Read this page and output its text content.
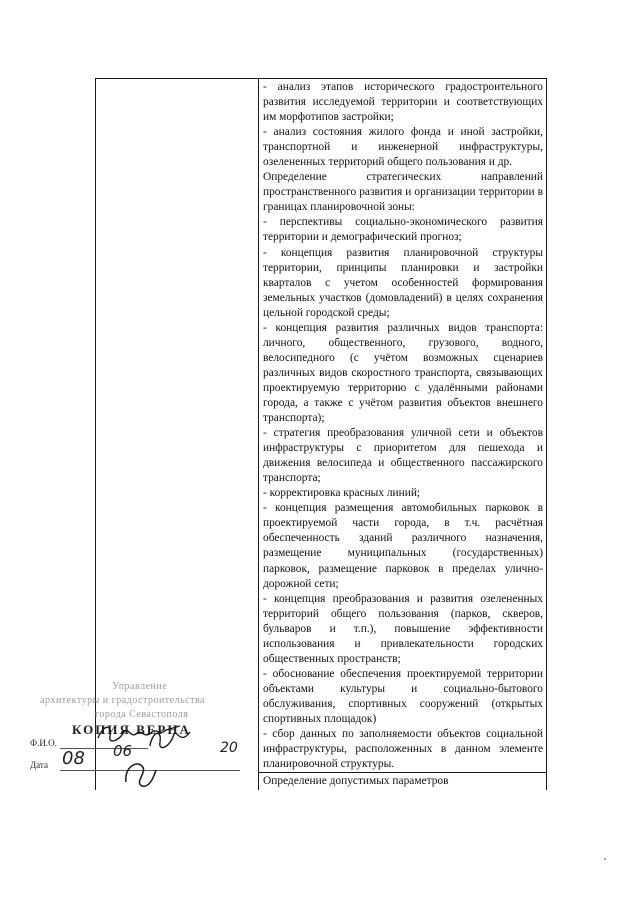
- анализ этапов исторического градостроительного развития исследуемой территории и соответствующих им морфотипов застройки;

- анализ состояния жилого фонда и иной застройки, транспортной и инженерной инфраструктуры, озелененных территорий общего пользования и др.

Определение стратегических направлений пространственного развития и организации территории в границах планировочной зоны:

- перспективы социально-экономического развития территории и демографический прогноз;

- концепция развития планировочной структуры территории, принципы планировки и застройки кварталов с учетом особенностей формирования земельных участков (домовладений) в целях сохранения цельной городской среды;

- концепция развития различных видов транспорта: личного, общественного, грузового, водного, велосипедного (с учётом возможных сценариев различных видов скоростного транспорта, связывающих проектируемую территорию с удалёнными районами города, а также с учётом развития объектов внешнего транспорта);

- стратегия преобразования уличной сети и объектов инфраструктуры с приоритетом для пешехода и движения велосипеда и общественного пассажирского транспорта;

- корректировка красных линий;

- концепция размещения автомобильных парковок в проектируемой части города, в т.ч. расчётная обеспеченность зданий различного назначения, размещение муниципальных (государственных) парковок, размещение парковок в пределах улично-дорожной сети;

- концепция преобразования и развития озелененных территорий общего пользования (парков, скверов, бульваров и т.п.), повышение эффективности использования и привлекательности городских общественных пространств;

- обоснование обеспечения проектируемой территории объектами культуры и социально-бытового обслуживания, спортивных сооружений (открытых спортивных площадок)

- сбор данных по заполняемости объектов социальной инфраструктуры, расположенных в данном элементе планировочной структуры.

Определение допустимых параметров

Управление
архитектуры и градостроительства
города Севастополя
КОПИЯ ВЕРНА
Ф.И.О.
Дата 08 06	20
